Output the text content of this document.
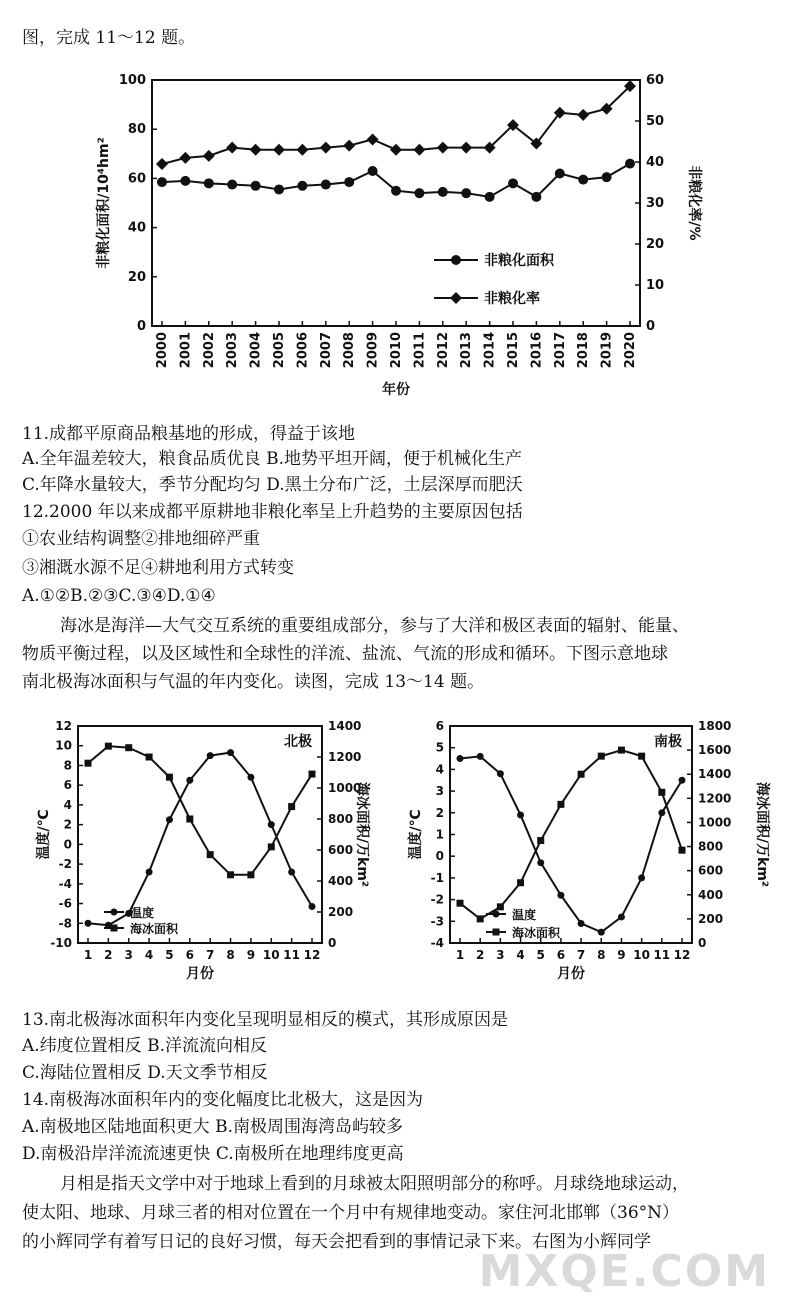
图，完成 11～12 题。
0
20
40
60
80
100
0
10
20
30
40
50
60
2000 2001 2002 2003 2004 2005 2006 2007 2008 2009 2010 2011 2012 2013 2014 2015 2016 2017 2018 2019 2020
非粮化面积/10⁴hm²	非粮化率/%
年份
非粮化面积
非粮化率
11.成都平原商品粮基地的形成，得益于该地
A.全年温差较大，粮食品质优良 B.地势平坦开阔，便于机械化生产
C.年降水量较大，季节分配均匀 D.黑土分布广泛，土层深厚而肥沃
12.2000 年以来成都平原耕地非粮化率呈上升趋势的主要原因包括
①农业结构调整②排地细碎严重
③湘溉水源不足④耕地利用方式转变
A.①②B.②③C.③④D.①④
海冰是海洋—大气交互系统的重要组成部分，参与了大洋和极区表面的辐射、能量、
物质平衡过程，以及区域性和全球性的洋流、盐流、气流的形成和循环。下图示意地球
南北极海冰面积与气温的年内变化。读图，完成 13～14 题。
-10
-8
-6
-4
-2
0
2
4
6
8
10
12
0
200
400
600
800
1000
1200
1400
1 2 3 4 5 6 7 8 9 10 11 12
温度/℃	海冰面积/万km²
月份
北极
温度
海冰面积
-4
-3
-2
-1
0
1
2
3
4
5
6
0
200
400
600
800
1000
1200
1400
1600
1800
1 2 3 4 5 6 7 8 9 10 11 12
温度/℃	海冰面积/万km²
月份
南极
温度
海冰面积
13.南北极海冰面积年内变化呈现明显相反的模式，其形成原因是
A.纬度位置相反 B.洋流流向相反
C.海陆位置相反 D.天文季节相反
14.南极海冰面积年内的变化幅度比北极大，这是因为
A.南极地区陆地面积更大 B.南极周围海湾岛屿较多
D.南极沿岸洋流流速更快 C.南极所在地理纬度更高
月相是指天文学中对于地球上看到的月球被太阳照明部分的称呼。月球绕地球运动，
使太阳、地球、月球三者的相对位置在一个月中有规律地变动。家住河北邯郸（36°N）
的小辉同学有着写日记的良好习惯，每天会把看到的事情记录下来。右图为小辉同学
MXQE.COM
